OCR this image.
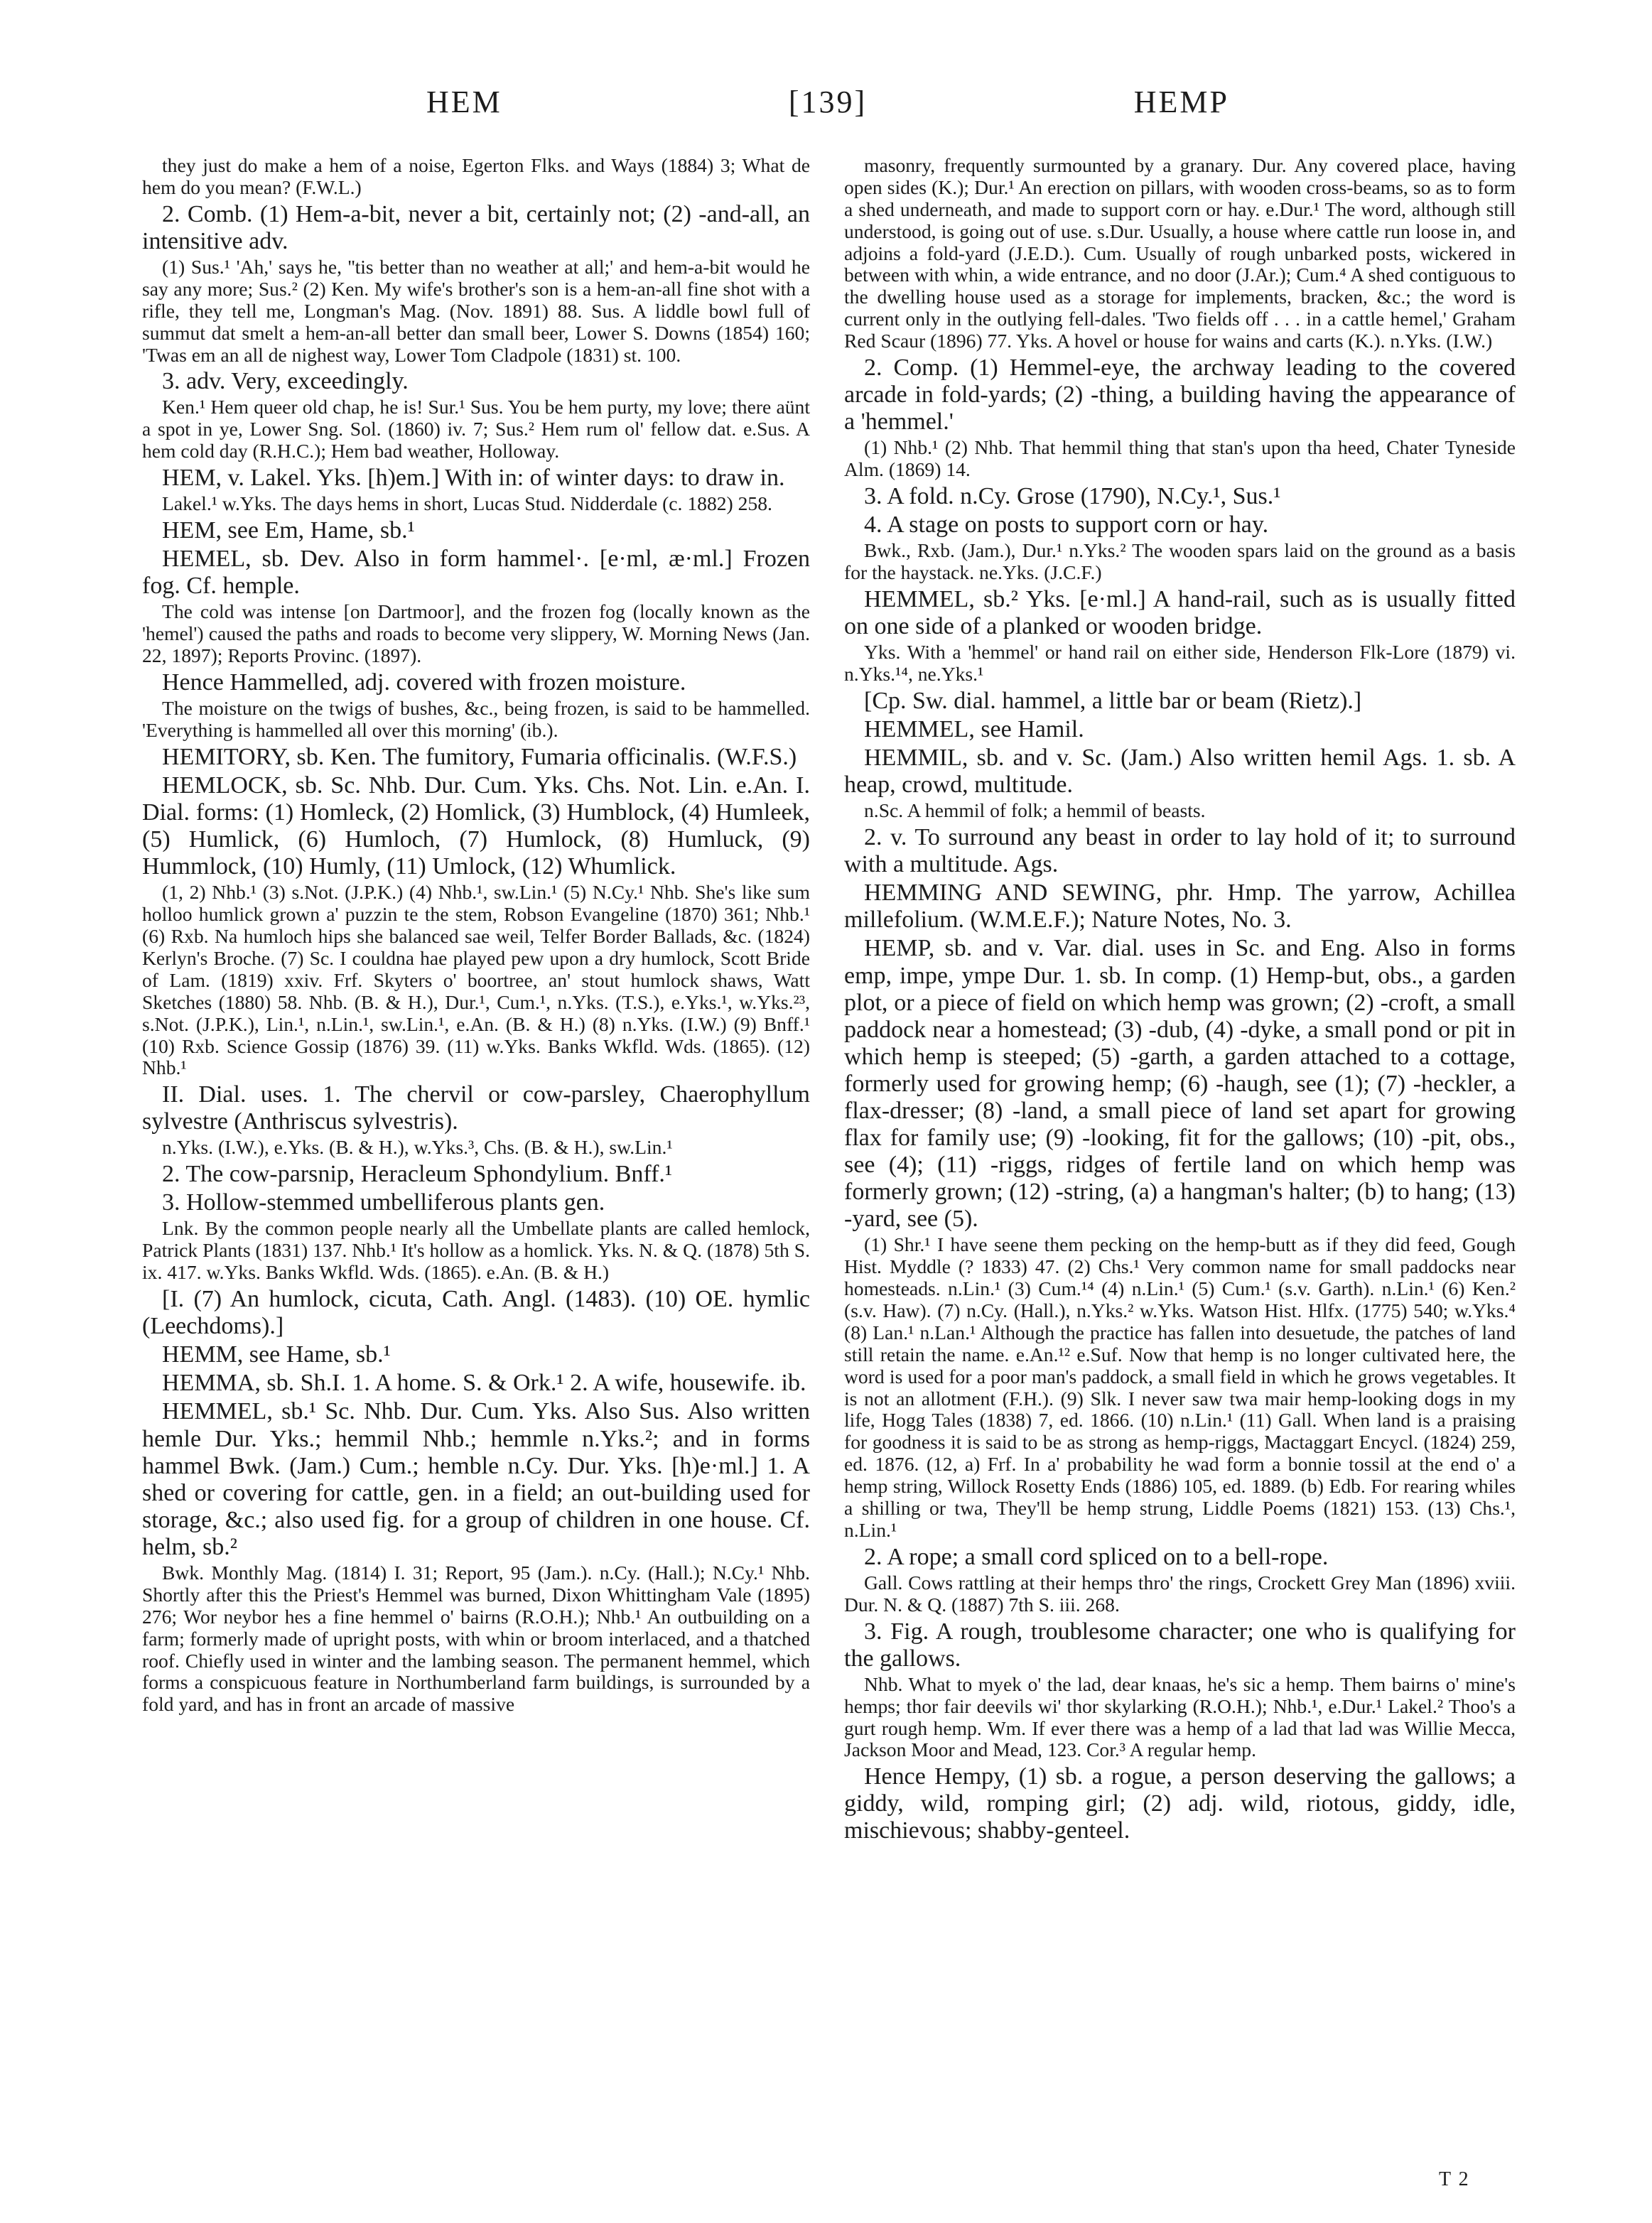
HEM	[139]	HEMP

they just do make a hem of a noise, Egerton Flks. and Ways (1884) 3; What de hem do you mean? (F.W.L.)

2. Comb. (1) Hem-a-bit, never a bit, certainly not; (2) -and-all, an intensitive adv.

(1) Sus.¹ 'Ah,' says he, ''tis better than no weather at all;' and hem-a-bit would he say any more; Sus.² (2) Ken. My wife's brother's son is a hem-an-all fine shot with a rifle, they tell me, Longman's Mag. (Nov. 1891) 88. Sus. A liddle bowl full of summut dat smelt a hem-an-all better dan small beer, Lower S. Downs (1854) 160; 'Twas em an all de nighest way, Lower Tom Cladpole (1831) st. 100.

3. adv. Very, exceedingly.

Ken.¹ Hem queer old chap, he is! Sur.¹ Sus. You be hem purty, my love; there aünt a spot in ye, Lower Sng. Sol. (1860) iv. 7; Sus.² Hem rum ol' fellow dat. e.Sus. A hem cold day (R.H.C.); Hem bad weather, Holloway.

HEM, v. Lakel. Yks. [h)em.] With in: of winter days: to draw in.

Lakel.¹ w.Yks. The days hems in short, Lucas Stud. Nidderdale (c. 1882) 258.

HEM, see Em, Hame, sb.¹

HEMEL, sb. Dev. Also in form hammel·. [e·ml, æ·ml.] Frozen fog. Cf. hemple.

The cold was intense [on Dartmoor], and the frozen fog (locally known as the 'hemel') caused the paths and roads to become very slippery, W. Morning News (Jan. 22, 1897); Reports Provinc. (1897).

Hence Hammelled, adj. covered with frozen moisture.

The moisture on the twigs of bushes, &c., being frozen, is said to be hammelled. 'Everything is hammelled all over this morning' (ib.).

HEMITORY, sb. Ken. The fumitory, Fumaria officinalis. (W.F.S.)

HEMLOCK, sb. Sc. Nhb. Dur. Cum. Yks. Chs. Not. Lin. e.An. I. Dial. forms: (1) Homleck, (2) Homlick, (3) Humblock, (4) Humleek, (5) Humlick, (6) Humloch, (7) Humlock, (8) Humluck, (9) Hummlock, (10) Humly, (11) Umlock, (12) Whumlick.

(1, 2) Nhb.¹ (3) s.Not. (J.P.K.) (4) Nhb.¹, sw.Lin.¹ (5) N.Cy.¹ Nhb. She's like sum holloo humlick grown a' puzzin te the stem, Robson Evangeline (1870) 361; Nhb.¹ (6) Rxb. Na humloch hips she balanced sae weil, Telfer Border Ballads, &c. (1824) Kerlyn's Broche. (7) Sc. I couldna hae played pew upon a dry humlock, Scott Bride of Lam. (1819) xxiv. Frf. Skyters o' boortree, an' stout humlock shaws, Watt Sketches (1880) 58. Nhb. (B. & H.), Dur.¹, Cum.¹, n.Yks. (T.S.), e.Yks.¹, w.Yks.²³, s.Not. (J.P.K.), Lin.¹, n.Lin.¹, sw.Lin.¹, e.An. (B. & H.) (8) n.Yks. (I.W.) (9) Bnff.¹ (10) Rxb. Science Gossip (1876) 39. (11) w.Yks. Banks Wkfld. Wds. (1865). (12) Nhb.¹

II. Dial. uses. 1. The chervil or cow-parsley, Chaerophyllum sylvestre (Anthriscus sylvestris).

n.Yks. (I.W.), e.Yks. (B. & H.), w.Yks.³, Chs. (B. & H.), sw.Lin.¹

2. The cow-parsnip, Heracleum Sphondylium. Bnff.¹

3. Hollow-stemmed umbelliferous plants gen.

Lnk. By the common people nearly all the Umbellate plants are called hemlock, Patrick Plants (1831) 137. Nhb.¹ It's hollow as a homlick. Yks. N. & Q. (1878) 5th S. ix. 417. w.Yks. Banks Wkfld. Wds. (1865). e.An. (B. & H.)

[I. (7) An humlock, cicuta, Cath. Angl. (1483). (10) OE. hymlic (Leechdoms).]

HEMM, see Hame, sb.¹

HEMMA, sb. Sh.I. 1. A home. S. & Ork.¹ 2. A wife, housewife. ib.

HEMMEL, sb.¹ Sc. Nhb. Dur. Cum. Yks. Also Sus. Also written hemle Dur. Yks.; hemmil Nhb.; hemmle n.Yks.²; and in forms hammel Bwk. (Jam.) Cum.; hemble n.Cy. Dur. Yks. [h)e·ml.] 1. A shed or covering for cattle, gen. in a field; an out-building used for storage, &c.; also used fig. for a group of children in one house. Cf. helm, sb.²

Bwk. Monthly Mag. (1814) I. 31; Report, 95 (Jam.). n.Cy. (Hall.); N.Cy.¹ Nhb. Shortly after this the Priest's Hemmel was burned, Dixon Whittingham Vale (1895) 276; Wor neybor hes a fine hemmel o' bairns (R.O.H.); Nhb.¹ An outbuilding on a farm; formerly made of upright posts, with whin or broom interlaced, and a thatched roof. Chiefly used in winter and the lambing season. The permanent hemmel, which forms a conspicuous feature in Northumberland farm buildings, is surrounded by a fold yard, and has in front an arcade of massive

masonry, frequently surmounted by a granary. Dur. Any covered place, having open sides (K.); Dur.¹ An erection on pillars, with wooden cross-beams, so as to form a shed underneath, and made to support corn or hay. e.Dur.¹ The word, although still understood, is going out of use. s.Dur. Usually, a house where cattle run loose in, and adjoins a fold-yard (J.E.D.). Cum. Usually of rough unbarked posts, wickered in between with whin, a wide entrance, and no door (J.Ar.); Cum.⁴ A shed contiguous to the dwelling house used as a storage for implements, bracken, &c.; the word is current only in the outlying fell-dales. 'Two fields off . . . in a cattle hemel,' Graham Red Scaur (1896) 77. Yks. A hovel or house for wains and carts (K.). n.Yks. (I.W.)

2. Comp. (1) Hemmel-eye, the archway leading to the covered arcade in fold-yards; (2) -thing, a building having the appearance of a 'hemmel.'

(1) Nhb.¹ (2) Nhb. That hemmil thing that stan's upon tha heed, Chater Tyneside Alm. (1869) 14.

3. A fold. n.Cy. Grose (1790), N.Cy.¹, Sus.¹

4. A stage on posts to support corn or hay.

Bwk., Rxb. (Jam.), Dur.¹ n.Yks.² The wooden spars laid on the ground as a basis for the haystack. ne.Yks. (J.C.F.)

HEMMEL, sb.² Yks. [e·ml.] A hand-rail, such as is usually fitted on one side of a planked or wooden bridge.

Yks. With a 'hemmel' or hand rail on either side, Henderson Flk-Lore (1879) vi. n.Yks.¹⁴, ne.Yks.¹

[Cp. Sw. dial. hammel, a little bar or beam (Rietz).]

HEMMEL, see Hamil.

HEMMIL, sb. and v. Sc. (Jam.) Also written hemil Ags. 1. sb. A heap, crowd, multitude.

n.Sc. A hemmil of folk; a hemmil of beasts.

2. v. To surround any beast in order to lay hold of it; to surround with a multitude. Ags.

HEMMING AND SEWING, phr. Hmp. The yarrow, Achillea millefolium. (W.M.E.F.); Nature Notes, No. 3.

HEMP, sb. and v. Var. dial. uses in Sc. and Eng. Also in forms emp, impe, ympe Dur. 1. sb. In comp. (1) Hemp-but, obs., a garden plot, or a piece of field on which hemp was grown; (2) -croft, a small paddock near a homestead; (3) -dub, (4) -dyke, a small pond or pit in which hemp is steeped; (5) -garth, a garden attached to a cottage, formerly used for growing hemp; (6) -haugh, see (1); (7) -heckler, a flax-dresser; (8) -land, a small piece of land set apart for growing flax for family use; (9) -looking, fit for the gallows; (10) -pit, obs., see (4); (11) -riggs, ridges of fertile land on which hemp was formerly grown; (12) -string, (a) a hangman's halter; (b) to hang; (13) -yard, see (5).

(1) Shr.¹ I have seene them pecking on the hemp-butt as if they did feed, Gough Hist. Myddle (? 1833) 47. (2) Chs.¹ Very common name for small paddocks near homesteads. n.Lin.¹ (3) Cum.¹⁴ (4) n.Lin.¹ (5) Cum.¹ (s.v. Garth). n.Lin.¹ (6) Ken.² (s.v. Haw). (7) n.Cy. (Hall.), n.Yks.² w.Yks. Watson Hist. Hlfx. (1775) 540; w.Yks.⁴ (8) Lan.¹ n.Lan.¹ Although the practice has fallen into desuetude, the patches of land still retain the name. e.An.¹² e.Suf. Now that hemp is no longer cultivated here, the word is used for a poor man's paddock, a small field in which he grows vegetables. It is not an allotment (F.H.). (9) Slk. I never saw twa mair hemp-looking dogs in my life, Hogg Tales (1838) 7, ed. 1866. (10) n.Lin.¹ (11) Gall. When land is a praising for goodness it is said to be as strong as hemp-riggs, Mactaggart Encycl. (1824) 259, ed. 1876. (12, a) Frf. In a' probability he wad form a bonnie tossil at the end o' a hemp string, Willock Rosetty Ends (1886) 105, ed. 1889. (b) Edb. For rearing whiles a shilling or twa, They'll be hemp strung, Liddle Poems (1821) 153. (13) Chs.¹, n.Lin.¹

2. A rope; a small cord spliced on to a bell-rope.

Gall. Cows rattling at their hemps thro' the rings, Crockett Grey Man (1896) xviii. Dur. N. & Q. (1887) 7th S. iii. 268.

3. Fig. A rough, troublesome character; one who is qualifying for the gallows.

Nhb. What to myek o' the lad, dear knaas, he's sic a hemp. Them bairns o' mine's hemps; thor fair deevils wi' thor skylarking (R.O.H.); Nhb.¹, e.Dur.¹ Lakel.² Thoo's a gurt rough hemp. Wm. If ever there was a hemp of a lad that lad was Willie Mecca, Jackson Moor and Mead, 123. Cor.³ A regular hemp.

Hence Hempy, (1) sb. a rogue, a person deserving the gallows; a giddy, wild, romping girl; (2) adj. wild, riotous, giddy, idle, mischievous; shabby-genteel.

T 2
